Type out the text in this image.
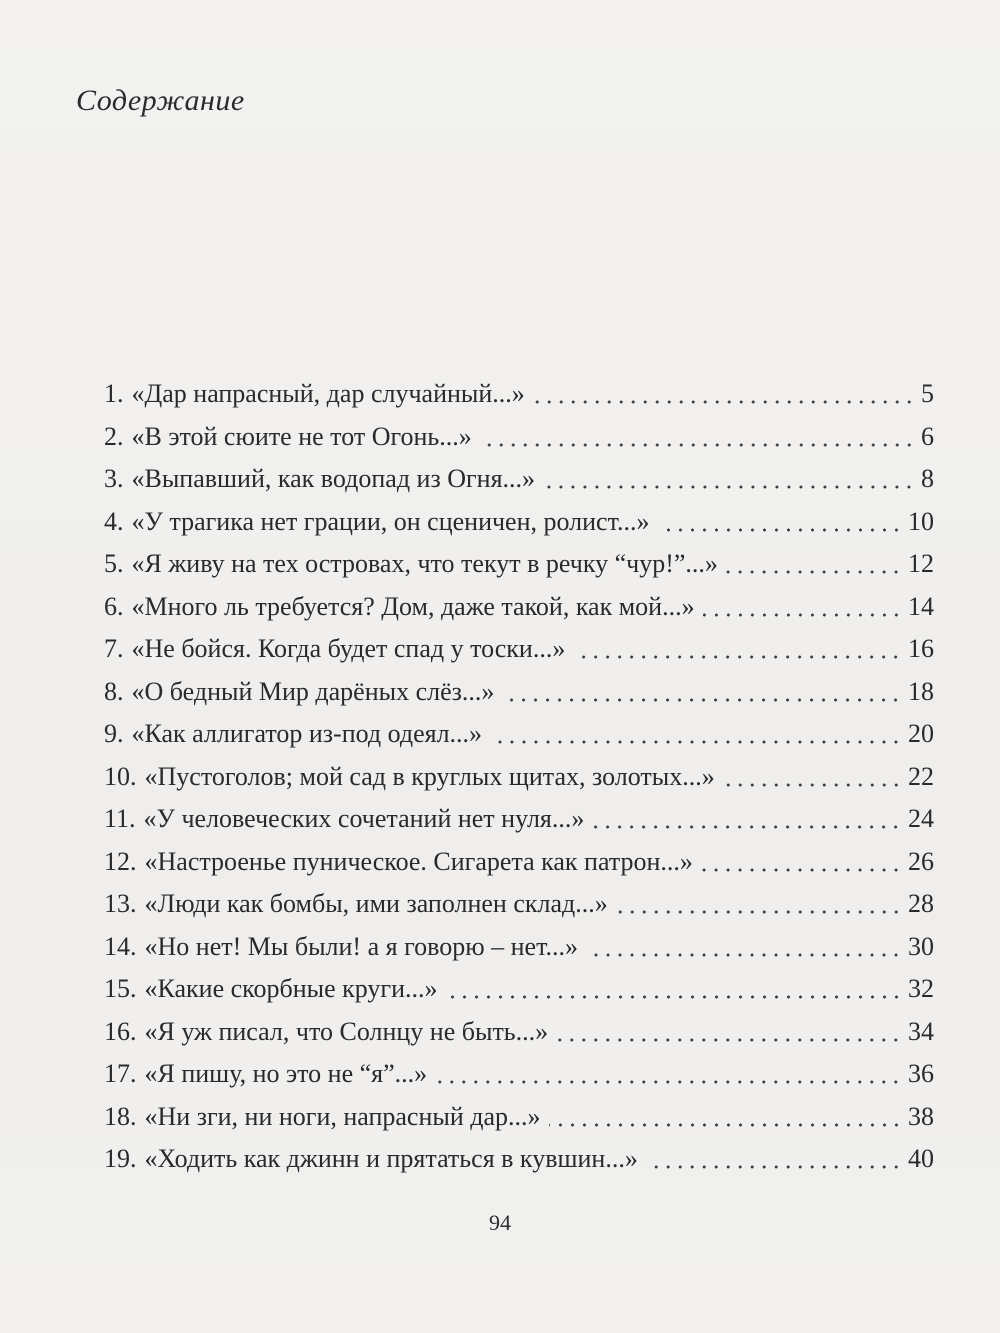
Содержание
1. «Дар напрасный, дар случайный...»	5
2. «В этой сюите не тот Огонь...»	6
3. «Выпавший, как водопад из Огня...»	8
4. «У трагика нет грации, он сценичен, ролист...»	10
5. «Я живу на тех островах, что текут в речку “чур!”...»	12
6. «Много ль требуется? Дом, даже такой, как мой...»	14
7. «Не бойся. Когда будет спад у тоски...»	16
8. «О бедный Мир дарёных слёз...»	18
9. «Как аллигатор из-под одеял...»	20
10. «Пустоголов; мой сад в круглых щитах, золотых...»	22
11. «У человеческих сочетаний нет нуля...»	24
12. «Настроенье пуническое. Сигарета как патрон...»	26
13. «Люди как бомбы, ими заполнен склад...»	28
14. «Но нет! Мы были! а я говорю – нет...»	30
15. «Какие скорбные круги...»	32
16. «Я уж писал, что Солнцу не быть...»	34
17. «Я пишу, но это не “я”...»	36
18. «Ни зги, ни ноги, напрасный дар...»	38
19. «Ходить как джинн и прятаться в кувшин...»	40
94
